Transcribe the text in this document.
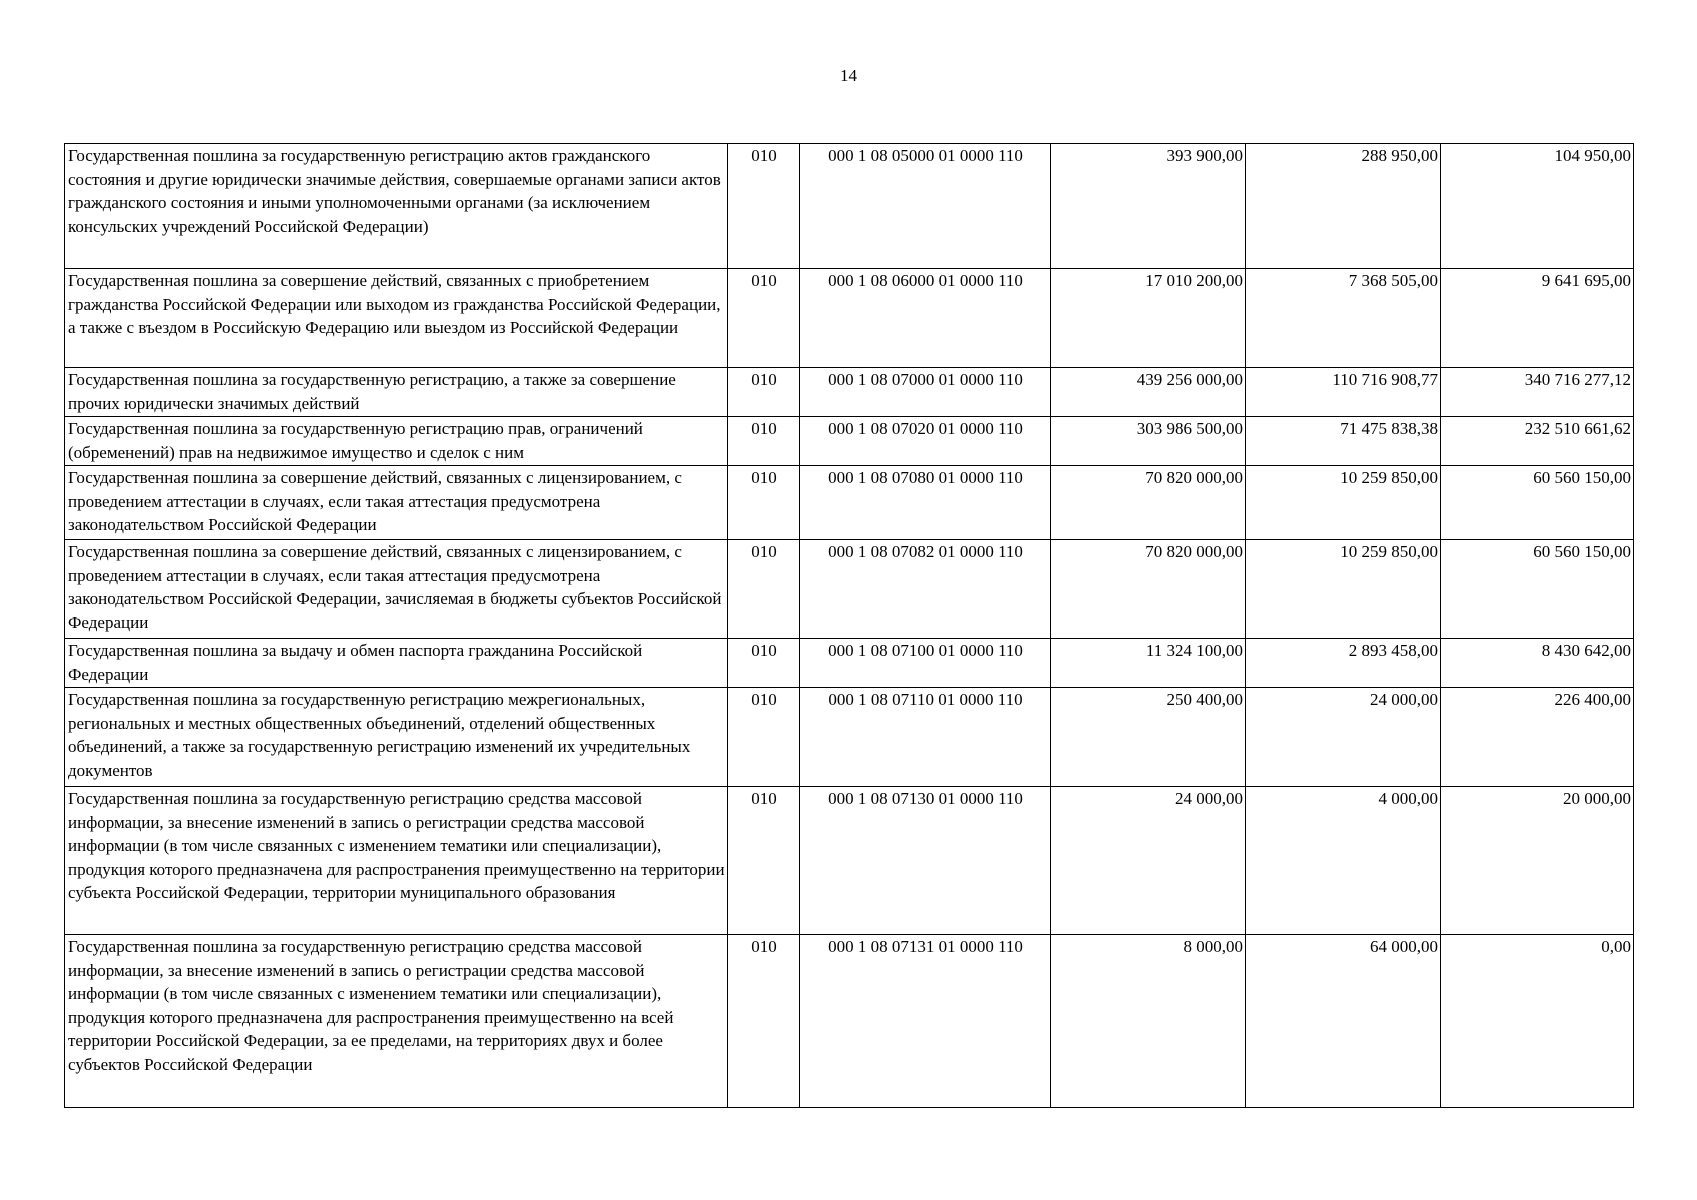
14
Государственная пошлина за государственную регистрацию актов гражданского состояния и другие юридически значимые действия, совершаемые органами записи актов гражданского состояния и иными уполномоченными органами (за исключением консульских учреждений Российской Федерации)	010	000 1 08 05000 01 0000 110	393 900,00	288 950,00	104 950,00
Государственная пошлина за совершение действий, связанных с приобретением гражданства Российской Федерации или выходом из гражданства Российской Федерации, а также с въездом в Российскую Федерацию или выездом из Российской Федерации	010	000 1 08 06000 01 0000 110	17 010 200,00	7 368 505,00	9 641 695,00
Государственная пошлина за государственную регистрацию, а также за совершение прочих юридически значимых действий	010	000 1 08 07000 01 0000 110	439 256 000,00	110 716 908,77	340 716 277,12
Государственная пошлина за государственную регистрацию прав, ограничений (обременений) прав на недвижимое имущество и сделок с ним	010	000 1 08 07020 01 0000 110	303 986 500,00	71 475 838,38	232 510 661,62
Государственная пошлина за совершение действий, связанных с лицензированием, с проведением аттестации в случаях, если такая аттестация предусмотрена законодательством Российской Федерации	010	000 1 08 07080 01 0000 110	70 820 000,00	10 259 850,00	60 560 150,00
Государственная пошлина за совершение действий, связанных с лицензированием, с проведением аттестации в случаях, если такая аттестация предусмотрена законодательством Российской Федерации, зачисляемая в бюджеты субъектов Российской Федерации	010	000 1 08 07082 01 0000 110	70 820 000,00	10 259 850,00	60 560 150,00
Государственная пошлина за выдачу и обмен паспорта гражданина Российской Федерации	010	000 1 08 07100 01 0000 110	11 324 100,00	2 893 458,00	8 430 642,00
Государственная пошлина за государственную регистрацию межрегиональных, региональных и местных общественных объединений, отделений общественных объединений, а также за государственную регистрацию изменений их учредительных документов	010	000 1 08 07110 01 0000 110	250 400,00	24 000,00	226 400,00
Государственная пошлина за государственную регистрацию средства массовой информации, за внесение изменений в запись о регистрации средства массовой информации (в том числе связанных с изменением тематики или специализации), продукция которого предназначена для распространения преимущественно на территории субъекта Российской Федерации, территории муниципального образования	010	000 1 08 07130 01 0000 110	24 000,00	4 000,00	20 000,00
Государственная пошлина за государственную регистрацию средства массовой информации, за внесение изменений в запись о регистрации средства массовой информации (в том числе связанных с изменением тематики или специализации), продукция которого предназначена для распространения преимущественно на всей территории Российской Федерации, за ее пределами, на территориях двух и более субъектов Российской Федерации	010	000 1 08 07131 01 0000 110	8 000,00	64 000,00	0,00
